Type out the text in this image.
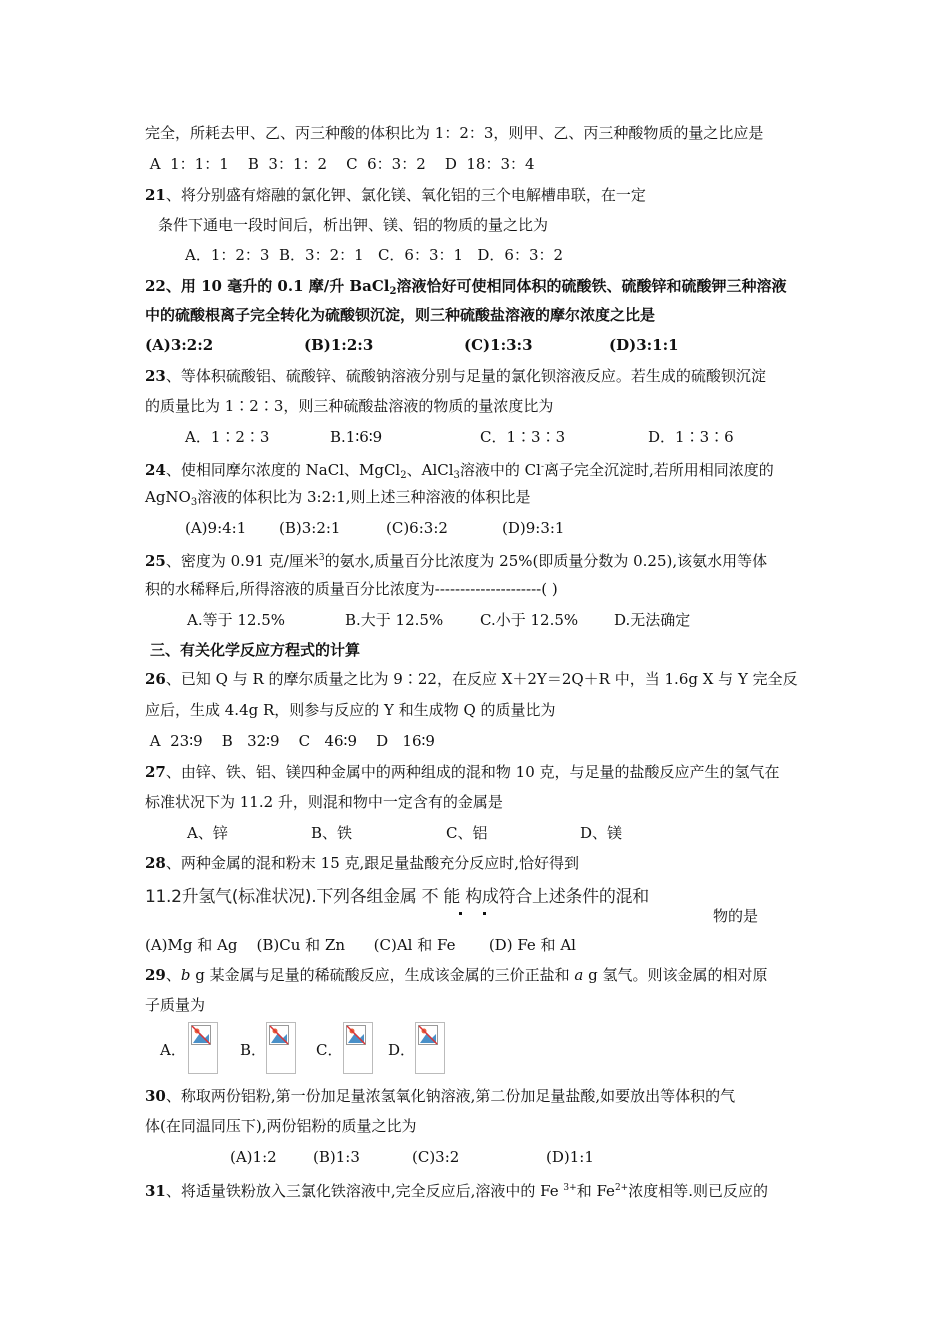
完全，所耗去甲、乙、丙三种酸的体积比为 1：2：3，则甲、乙、丙三种酸物质的量之比应是
A  1：1：1    B  3：1：2    C  6：3：2    D  18：3：4
21、将分别盛有熔融的氯化钾、氯化镁、氧化铝的三个电解槽串联，在一定
条件下通电一段时间后，析出钾、镁、铝的物质的量之比为
A．1：2：3  B．3：2：1   C．6：3：1   D．6：3：2
22、用 10 毫升的 0.1 摩/升 BaCl$_2$溶液恰好可使相同体积的硫酸铁、硫酸锌和硫酸钾三种溶液
中的硫酸根离子完全转化为硫酸钡沉淀，则三种硫酸盐溶液的摩尔浓度之比是
(A)3:2:2	(B)1:2:3	(C)1:3:3	(D)3:1:1
23、等体积硫酸铝、硫酸锌、硫酸钠溶液分别与足量的氯化钡溶液反应。若生成的硫酸钡沉淀
的质量比为 1∶2∶3，则三种硫酸盐溶液的物质的量浓度比为
A．1∶2∶3	B.1∶6∶9	C．1∶3∶3	D．1∶3∶6
24、使相同摩尔浓度的 NaCl、MgCl$_2$、AlCl$_3$溶液中的 Cl-离子完全沉淀时,若所用相同浓度的
AgNO$_3$溶液的体积比为 3:2:1,则上述三种溶液的体积比是
(A)9:4:1 (B)3:2:1	(C)6:3:2	(D)9:3:1
25、密度为 0.91 克/厘米$^3$的氨水,质量百分比浓度为 25%(即质量分数为 0.25),该氨水用等体
积的水稀释后,所得溶液的质量百分比浓度为---------------------( )
A.等于 12.5%	B.大于 12.5% C.小于 12.5% D.无法确定
三、有关化学反应方程式的计算
26、已知 Q 与 R 的摩尔质量之比为 9∶22，在反应 X＋2Y＝2Q＋R 中，当 1.6g X 与 Y 完全反
应后，生成 4.4g R，则参与反应的 Y 和生成物 Q 的质量比为
A  23∶9    B   32∶9    C   46∶9    D   16∶9
27、由锌、铁、铝、镁四种金属中的两种组成的混和物 10 克，与足量的盐酸反应产生的氢气在
标准状况下为 11.2 升，则混和物中一定含有的金属是
A、锌	B、铁	C、铝	D、镁
28、两种金属的混和粉末 15 克,跟足量盐酸充分反应时,恰好得到
11.2升氢气(标准状况).下列各组金属 不 能 构成符合上述条件的混和
物的是
(A)Mg 和 Ag    (B)Cu 和 Zn      (C)Al 和 Fe       (D) Fe 和 Al
29、b g 某金属与足量的稀硫酸反应，生成该金属的三价正盐和 a g 氢气。则该金属的相对原
子质量为
A．	B．	C．	D．
30、称取两份铝粉,第一份加足量浓氢氧化钠溶液,第二份加足量盐酸,如要放出等体积的气
体(在同温同压下),两份铝粉的质量之比为
(A)1:2 (B)1:3	(C)3:2	(D)1:1
31、将适量铁粉放入三氯化铁溶液中,完全反应后,溶液中的 Fe $^{3+}$和 $Fe^{2+}$浓度相等.则已反应的
